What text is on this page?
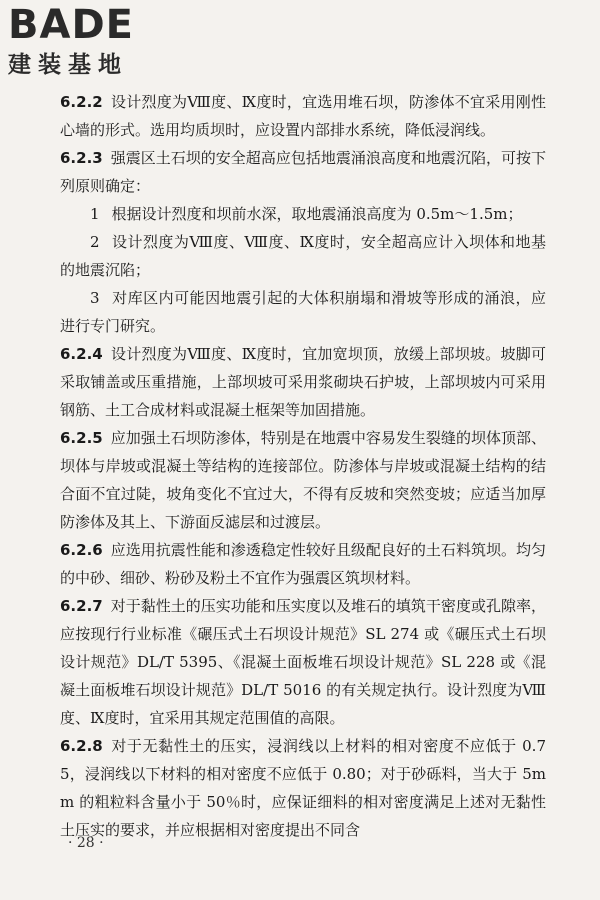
BADE
建装基地

6.2.2 设计烈度为Ⅷ度、Ⅸ度时，宜选用堆石坝，防渗体不宜采用刚性心墙的形式。选用均质坝时，应设置内部排水系统，降低浸润线。

6.2.3 强震区土石坝的安全超高应包括地震涌浪高度和地震沉陷，可按下列原则确定：

1 根据设计烈度和坝前水深，取地震涌浪高度为 0.5m～1.5m；

2 设计烈度为Ⅷ度、Ⅷ度、Ⅸ度时，安全超高应计入坝体和地基的地震沉陷；

3 对库区内可能因地震引起的大体积崩塌和滑坡等形成的涌浪，应进行专门研究。

6.2.4 设计烈度为Ⅷ度、Ⅸ度时，宜加宽坝顶，放缓上部坝坡。坡脚可采取铺盖或压重措施，上部坝坡可采用浆砌块石护坡，上部坝坡内可采用钢筋、土工合成材料或混凝土框架等加固措施。

6.2.5 应加强土石坝防渗体，特别是在地震中容易发生裂缝的坝体顶部、坝体与岸坡或混凝土等结构的连接部位。防渗体与岸坡或混凝土结构的结合面不宜过陡，坡角变化不宜过大，不得有反坡和突然变坡；应适当加厚防渗体及其上、下游面反滤层和过渡层。

6.2.6 应选用抗震性能和渗透稳定性较好且级配良好的土石料筑坝。均匀的中砂、细砂、粉砂及粉土不宜作为强震区筑坝材料。

6.2.7 对于黏性土的压实功能和压实度以及堆石的填筑干密度或孔隙率，应按现行行业标准《碾压式土石坝设计规范》SL 274 或《碾压式土石坝设计规范》DL/T 5395、《混凝土面板堆石坝设计规范》SL 228 或《混凝土面板堆石坝设计规范》DL/T 5016 的有关规定执行。设计烈度为Ⅷ度、Ⅸ度时，宜采用其规定范围值的高限。

6.2.8 对于无黏性土的压实，浸润线以上材料的相对密度不应低于 0.75，浸润线以下材料的相对密度不应低于 0.80；对于砂砾料，当大于 5mm 的粗粒料含量小于 50％时，应保证细料的相对密度满足上述对无黏性土压实的要求，并应根据相对密度提出不同含

· 28 ·
